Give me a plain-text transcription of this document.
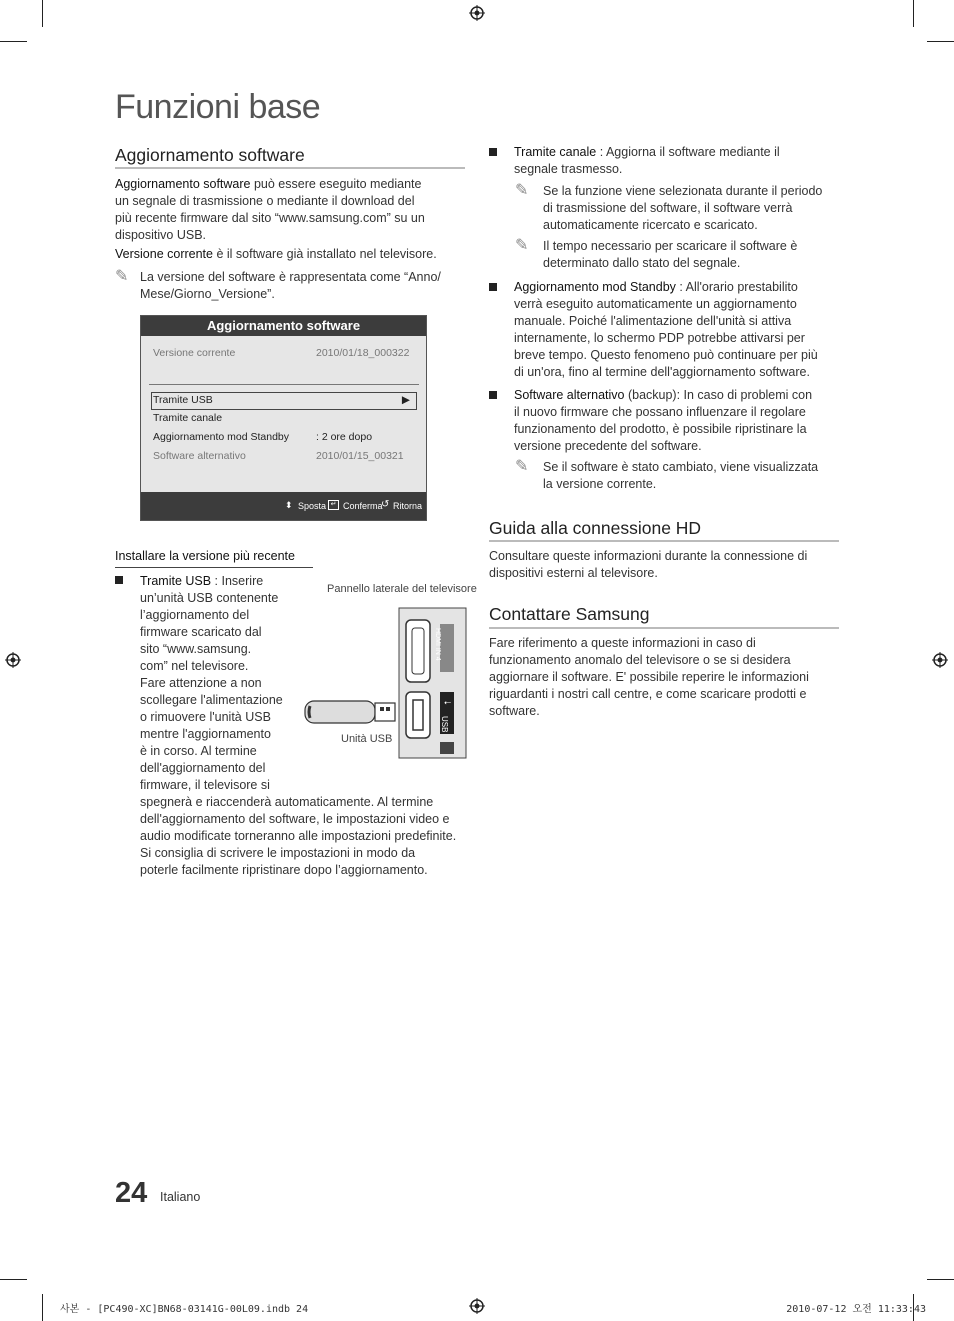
Funzioni base
Aggiornamento software
Aggiornamento software può essere eseguito mediante
un segnale di trasmissione o mediante il download del
più recente firmware dal sito “www.samsung.com” su un
dispositivo USB.
Versione corrente è il software già installato nel televisore.
✎ La versione del software è rappresentata come “Anno/
Mese/Giorno_Versione”.
Aggiornamento software
Versione corrente	2010/01/18_000322
Tramite USB	▶
Tramite canale
Aggiornamento mod Standby	: 2 ore dopo
Software alternativo	2010/01/15_00321
⬍ Sposta ↵ Conferma
↺ Ritorna
Installare la versione più recente
Tramite USB : Inserire
un’unità USB contenente
l’aggiornamento del
firmware scaricato dal
sito “www.samsung.
com” nel televisore.
Fare attenzione a non
scollegare l'alimentazione
o rimuovere l'unità USB
mentre l'aggiornamento
è in corso. Al termine
dell'aggiornamento del
firmware, il televisore si
spegnerà e riaccenderà automaticamente. Al termine
dell'aggiornamento del software, le impostazioni video e
audio modificate torneranno alle impostazioni predefinite.
Si consiglia di scrivere le impostazioni in modo da
poterle facilmente ripristinare dopo l’aggiornamento.
Pannello laterale del televisore
Unità USB
HDMI IN 4
USB
⭠
Tramite canale : Aggiorna il software mediante il
segnale trasmesso.
✎ Se la funzione viene selezionata durante il periodo
di trasmissione del software, il software verrà
automaticamente ricercato e scaricato.
✎ Il tempo necessario per scaricare il software è
determinato dallo stato del segnale.
Aggiornamento mod Standby : All'orario prestabilito
verrà eseguito automaticamente un aggiornamento
manuale. Poiché l'alimentazione dell'unità si attiva
internamente, lo schermo PDP potrebbe attivarsi per
breve tempo. Questo fenomeno può continuare per più
di un'ora, fino al termine dell'aggiornamento software.
Software alternativo (backup): In caso di problemi con
il nuovo firmware che possano influenzare il regolare
funzionamento del prodotto, è possibile ripristinare la
versione precedente del software.
✎ Se il software è stato cambiato, viene visualizzata
la versione corrente.
Guida alla connessione HD
Consultare queste informazioni durante la connessione di
dispositivi esterni al televisore.
Contattare Samsung
Fare riferimento a queste informazioni in caso di
funzionamento anomalo del televisore o se si desidera
aggiornare il software. E' possibile reperire le informazioni
riguardanti i nostri call centre, e come scaricare prodotti e
software.
24 Italiano
사본 - [PC490-XC]BN68-03141G-00L09.indb 24	2010-07-12 오전 11:33:43
